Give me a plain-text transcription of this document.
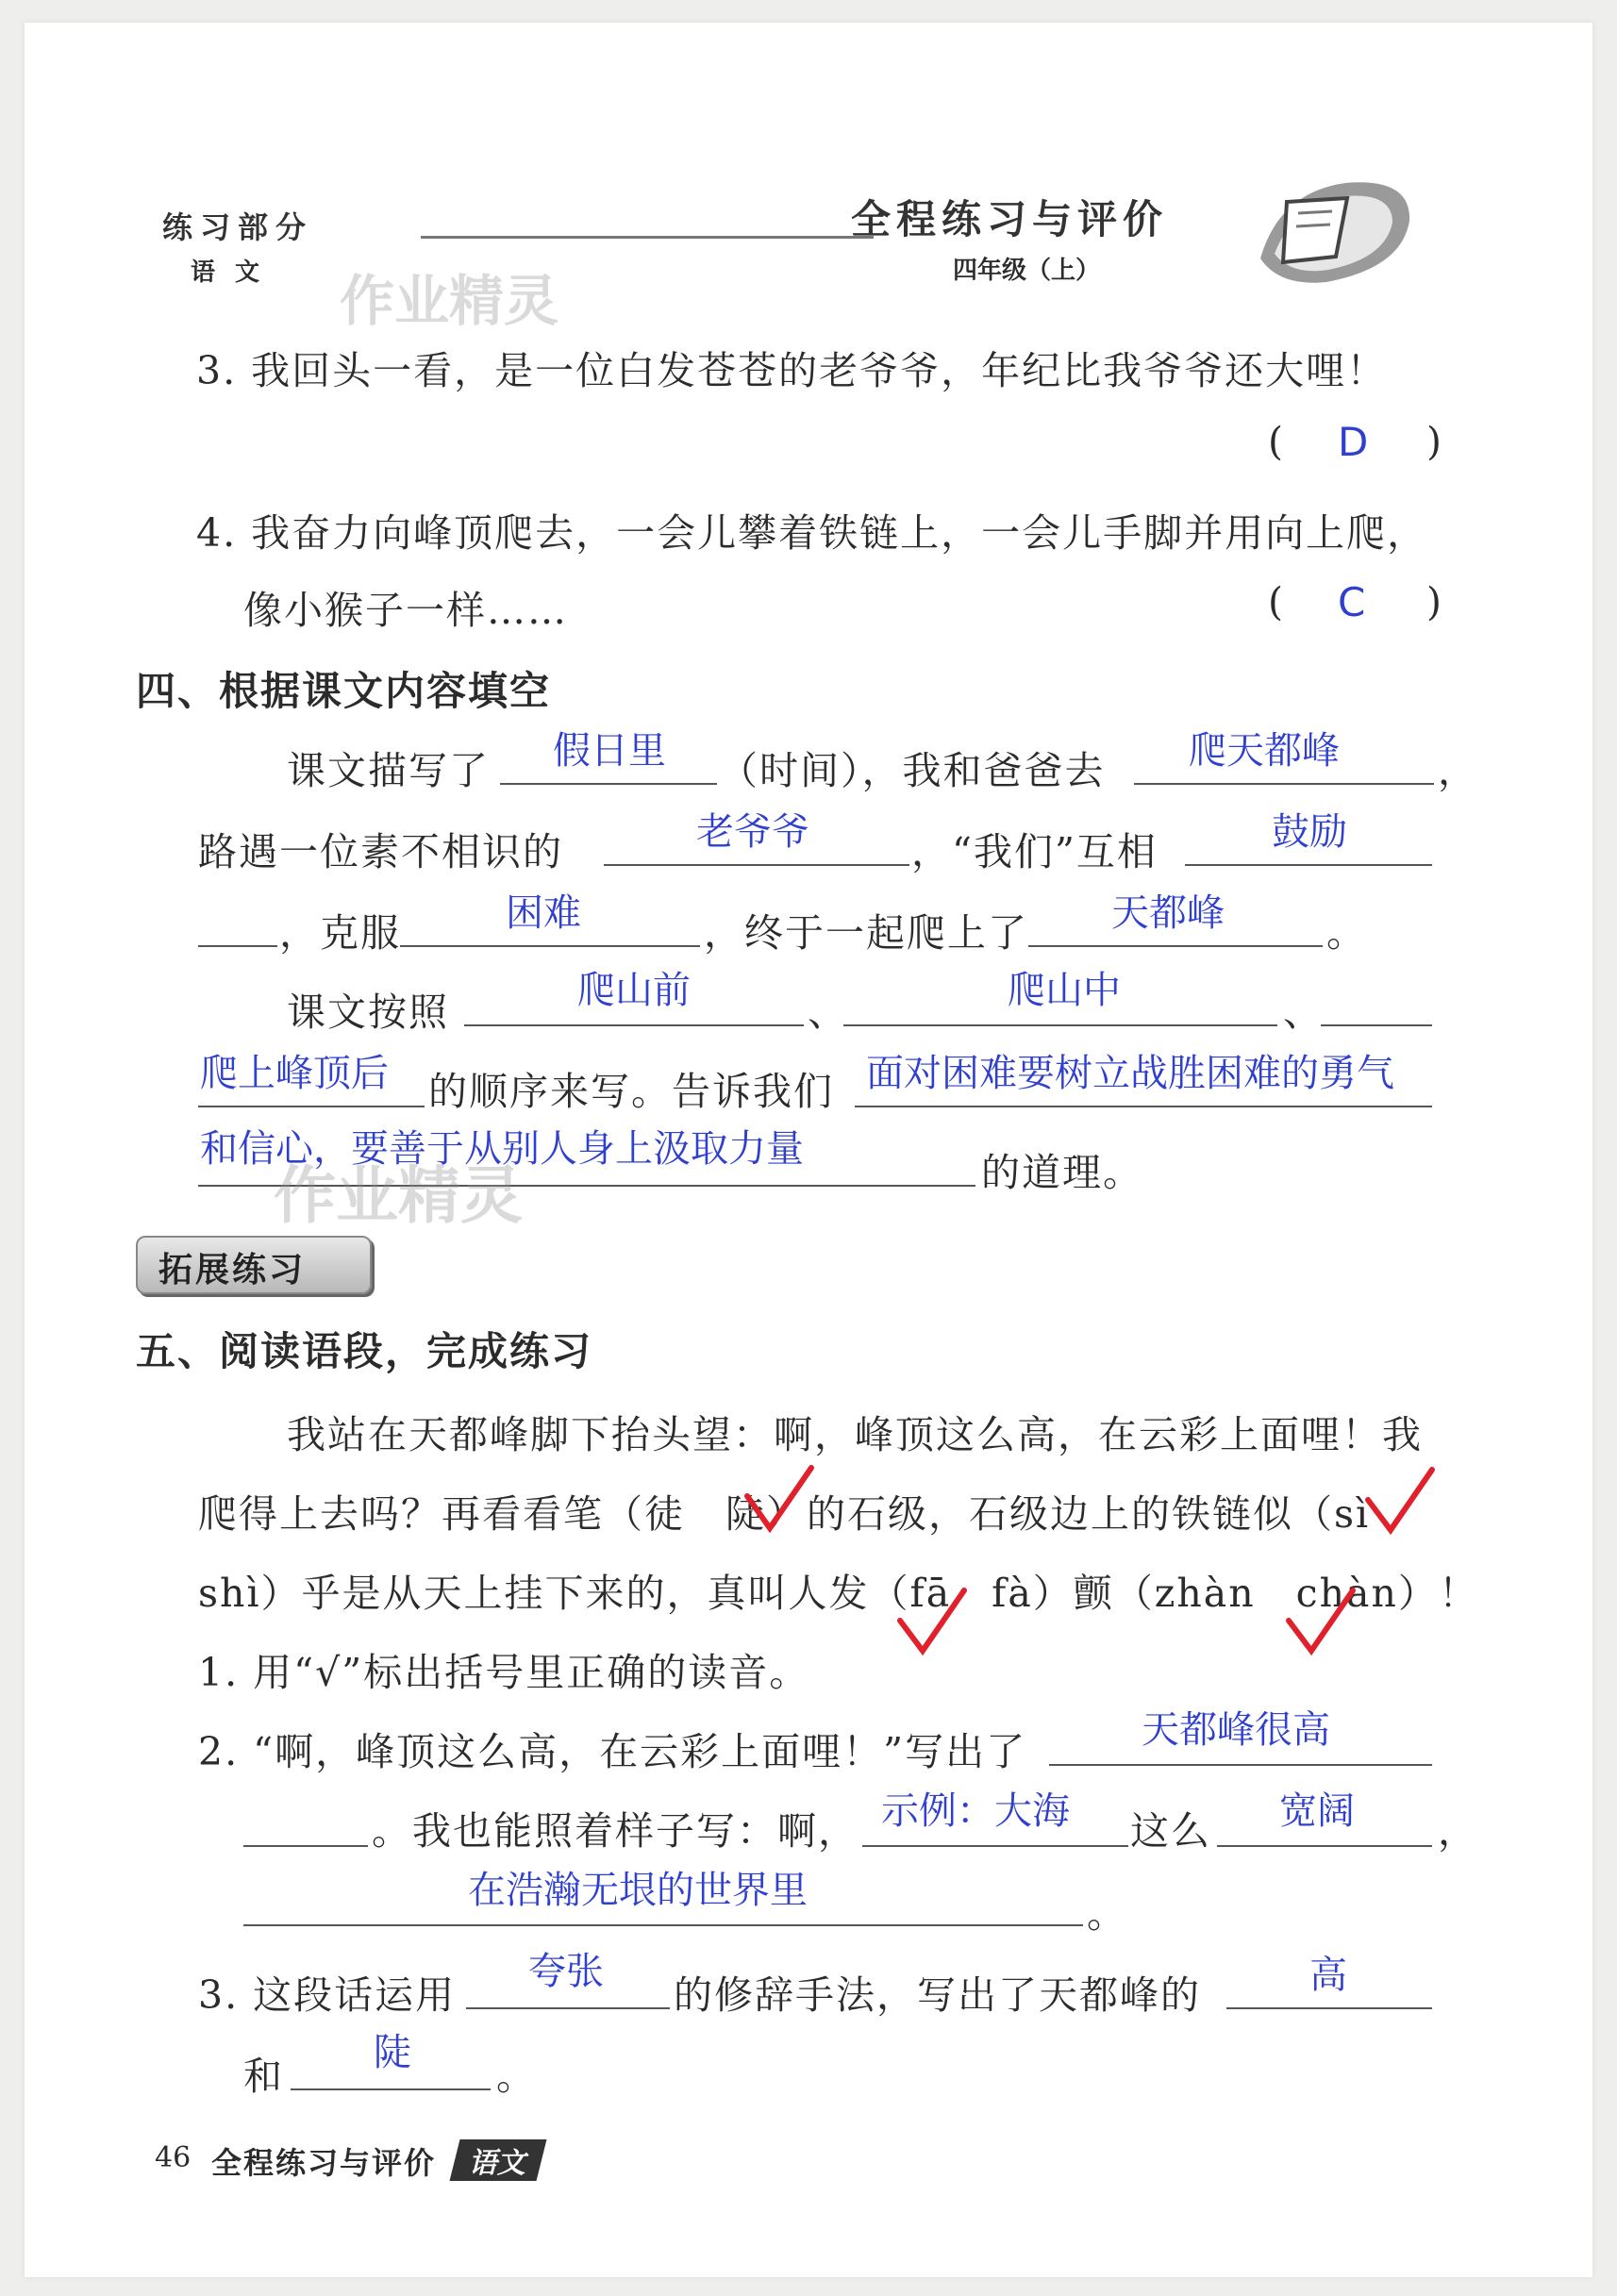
练习部分
语 文
全程练习与评价
四年级（上）
作业精灵
3. 我回头一看，是一位白发苍苍的老爷爷，年纪比我爷爷还大哩！
( D )
4. 我奋力向峰顶爬去，一会儿攀着铁链上，一会儿手脚并用向上爬，
像小猴子一样……	( C )
四、根据课文内容填空
课文描写了 假日里 （时间），我和爸爸去 爬天都峰	，
路遇一位素不相识的	老爷爷	，“我们”互相	鼓励
，克服	困难	，终于一起爬上了 天都峰	。
课文按照	爬山前	、	爬山中	、
爬上峰顶后 的顺序来写。告诉我们 面对困难要树立战胜困难的勇气
和信心，要善于从别人身上汲取力量
的道理。
作业精灵
拓展练习
五、阅读语段，完成练习
我站在天都峰脚下抬头望：啊，峰顶这么高，在云彩上面哩！我
爬得上去吗？再看看笔（徒　陡）的石级，石级边上的铁链似（sì
shì）乎是从天上挂下来的，真叫人发（fā　fà）颤（zhàn　chàn）！
1. 用“√”标出括号里正确的读音。
2. “啊，峰顶这么高，在云彩上面哩！”写出了	天都峰很高
。我也能照着样子写：啊， 示例：大海 这么 宽阔 ，
在浩瀚无垠的世界里
。
3. 这段话运用
夸张
的修辞手法，写出了天都峰的	高
和
陡
。
46 全程练习与评价	语文
